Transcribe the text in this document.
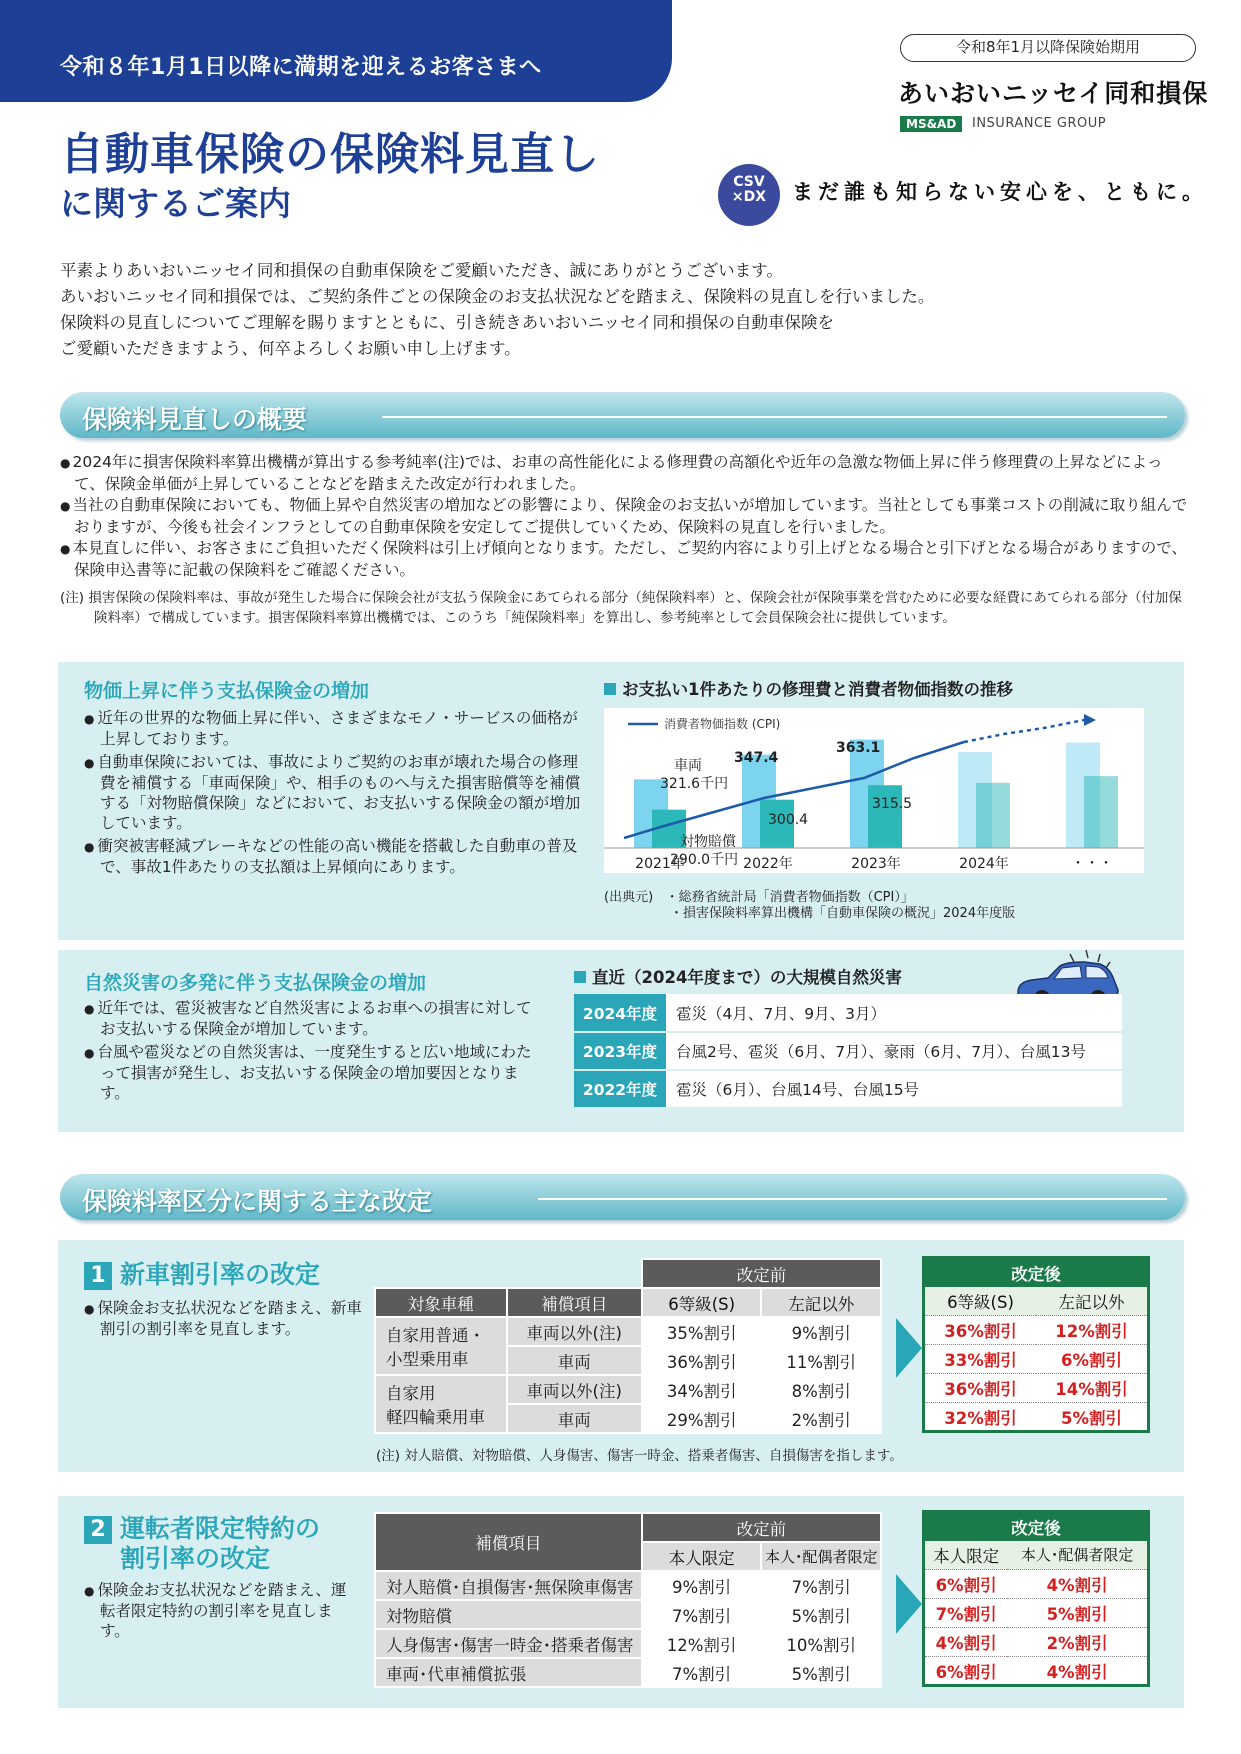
令和８年1月1日以降に満期を迎えるお客さまへ
令和8年1月以降保険始期用
あいおいニッセイ同和損保
MS&AD	INSURANCE GROUP
自動車保険の保険料見直し
に関するご案内
CSV
×DX	まだ誰も知らない安心を、ともに。

平素よりあいおいニッセイ同和損保の自動車保険をご愛顧いただき、誠にありがとうございます。

あいおいニッセイ同和損保では、ご契約条件ごとの保険金のお支払状況などを踏まえ、保険料の見直しを行いました。

保険料の見直しについてご理解を賜りますとともに、引き続きあいおいニッセイ同和損保の自動車保険を

ご愛顧いただきますよう、何卒よろしくお願い申し上げます。

保険料見直しの概要
● 2024年に損害保険料率算出機構が算出する参考純率(注)では、お車の高性能化による修理費の高額化や近年の急激な物価上昇に伴う修理費の上昇などによって、保険金単価が上昇していることなどを踏まえた改定が行われました。
● 当社の自動車保険においても、物価上昇や自然災害の増加などの影響により、保険金のお支払いが増加しています。当社としても事業コストの削減に取り組んでおりますが、今後も社会インフラとしての自動車保険を安定してご提供していくため、保険料の見直しを行いました。
● 本見直しに伴い、お客さまにご負担いただく保険料は引上げ傾向となります。ただし、ご契約内容により引上げとなる場合と引下げとなる場合がありますので、保険申込書等に記載の保険料をご確認ください。
(注) 損害保険の保険料率は、事故が発生した場合に保険会社が支払う保険金にあてられる部分（純保険料率）と、保険会社が保険事業を営むために必要な経費にあてられる部分（付加保険料率）で構成しています。損害保険料率算出機構では、このうち「純保険料率」を算出し、参考純率として会員保険会社に提供しています。
物価上昇に伴う支払保険金の増加
● 近年の世界的な物価上昇に伴い、さまざまなモノ・サービスの価格が上昇しております。
● 自動車保険においては、事故によりご契約のお車が壊れた場合の修理費を補償する「車両保険」や、相手のものへ与えた損害賠償等を補償する「対物賠償保険」などにおいて、お支払いする保険金の額が増加しています。
● 衝突被害軽減ブレーキなどの性能の高い機能を搭載した自動車の普及で、事故1件あたりの支払額は上昇傾向にあります。
お支払い1件あたりの修理費と消費者物価指数の推移
2021年	2022年	2023年	2024年	・・・
消費者物価指数 (CPI)
車両
321.6千円
347.4
363.1
対物賠償
290.0千円
300.4
315.5
(出典元) ・総務省統計局「消費者物価指数（CPI）」
・損害保険料率算出機構「自動車保険の概況」2024年度版
自然災害の多発に伴う支払保険金の増加
● 近年では、雹災被害など自然災害によるお車への損害に対してお支払いする保険金が増加しています。
● 台風や雹災などの自然災害は、一度発生すると広い地域にわたって損害が発生し、お支払いする保険金の増加要因となります。
直近（2024年度まで）の大規模自然災害
2024年度	雹災（4月、7月、9月、3月）
2023年度	台風2号、雹災（6月、7月）、豪雨（6月、7月）、台風13号
2022年度	雹災（6月）、台風14号、台風15号
保険料率区分に関する主な改定
1 新車割引率の改定
● 保険金お支払状況などを踏まえ、新車割引の割引率を見直します。
		改定前	
対象車種	補償項目	6等級(S)	左記以外

自家用普通・
小型乗用車	車両以外(注)	35%割引	9%割引
	車両	36%割引	11%割引

自家用
軽四輪乗用車	車両以外(注)	34%割引	8%割引
	車両	29%割引	2%割引
改定後	
6等級(S)	左記以外
36%割引	12%割引
33%割引	6%割引
36%割引	14%割引
32%割引	5%割引
(注) 対人賠償、対物賠償、人身傷害、傷害一時金、搭乗者傷害、自損傷害を指します。
2 運転者限定特約の
割引率の改定
● 保険金お支払状況などを踏まえ、運転者限定特約の割引率を見直します。
補償項目	改定前	
	本人限定	本人･配偶者限定
対人賠償･自損傷害･無保険車傷害	9%割引	7%割引
対物賠償	7%割引	5%割引
人身傷害･傷害一時金･搭乗者傷害	12%割引	10%割引
車両･代車補償拡張	7%割引	5%割引
改定後	
本人限定	本人･配偶者限定
6%割引	4%割引
7%割引	5%割引
4%割引	2%割引
6%割引	4%割引
